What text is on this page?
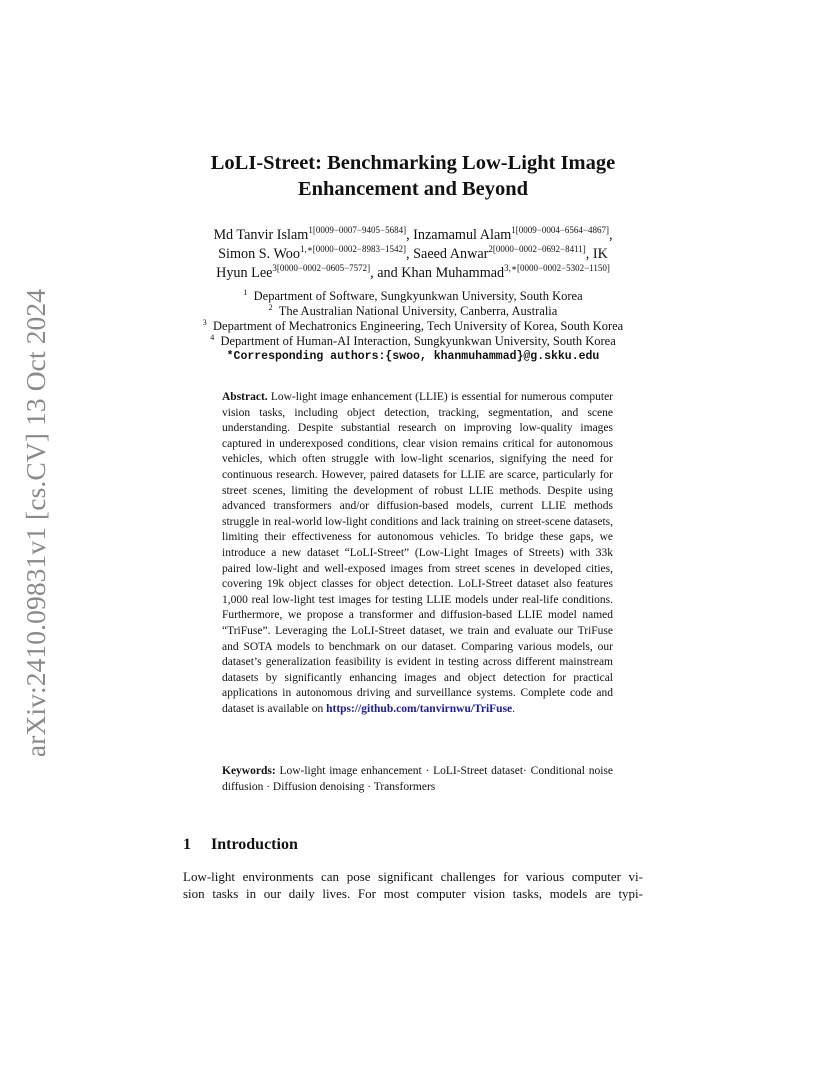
arXiv:2410.09831v1 [cs.CV] 13 Oct 2024
LoLI-Street: Benchmarking Low-Light Image
Enhancement and Beyond
Md Tanvir Islam$^{1[0009-0007-9405-5684]}$, Inzamamul Alam$^{1[0009-0004-6564-4867]}$,
Simon S. Woo$^{1,∗[0000-0002-8983-1542]}$, Saeed Anwar$^{2[0000-0002-0692-8411]}$, IK
Hyun Lee$^{3[0000-0002-0605-7572]}$, and Khan Muhammad$^{3,∗[0000-0002-5302-1150]}$
$^1$ Department of Software, Sungkyunkwan University, South Korea
$^2$ The Australian National University, Canberra, Australia
$^3$ Department of Mechatronics Engineering, Tech University of Korea, South Korea
$^4$ Department of Human-AI Interaction, Sungkyunkwan University, South Korea
*Corresponding authors:{swoo, khanmuhammad}@g.skku.edu
Abstract. Low-light image enhancement (LLIE) is essential for numerous computer vision tasks, including object detection, tracking, segmentation, and scene understanding. Despite substantial research on improving low-quality images captured in underexposed conditions, clear vision remains critical for autonomous vehicles, which often struggle with low-light scenarios, signifying the need for continuous research. However, paired datasets for LLIE are scarce, particularly for street scenes, limiting the development of robust LLIE methods. Despite using advanced transformers and/or diffusion-based models, current LLIE methods struggle in real-world low-light conditions and lack training on street-scene datasets, limiting their effectiveness for autonomous vehicles. To bridge these gaps, we introduce a new dataset “LoLI-Street” (Low-Light Images of Streets) with 33k paired low-light and well-exposed images from street scenes in developed cities, covering 19k object classes for object detection. LoLI-Street dataset also features 1,000 real low-light test images for testing LLIE models under real-life conditions. Furthermore, we propose a transformer and diffusion-based LLIE model named “TriFuse”. Leveraging the LoLI-Street dataset, we train and evaluate our TriFuse and SOTA models to benchmark on our dataset. Comparing various models, our dataset’s generalization feasibility is evident in testing across different mainstream datasets by significantly enhancing images and object detection for practical applications in autonomous driving and surveillance systems. Complete code and dataset is available on https://github.com/tanvirnwu/TriFuse.
Keywords: Low-light image enhancement · LoLI-Street dataset· Conditional noise diffusion · Diffusion denoising · Transformers
1 Introduction
Low-light environments can pose significant challenges for various computer vi-
sion tasks in our daily lives. For most computer vision tasks, models are typi-
